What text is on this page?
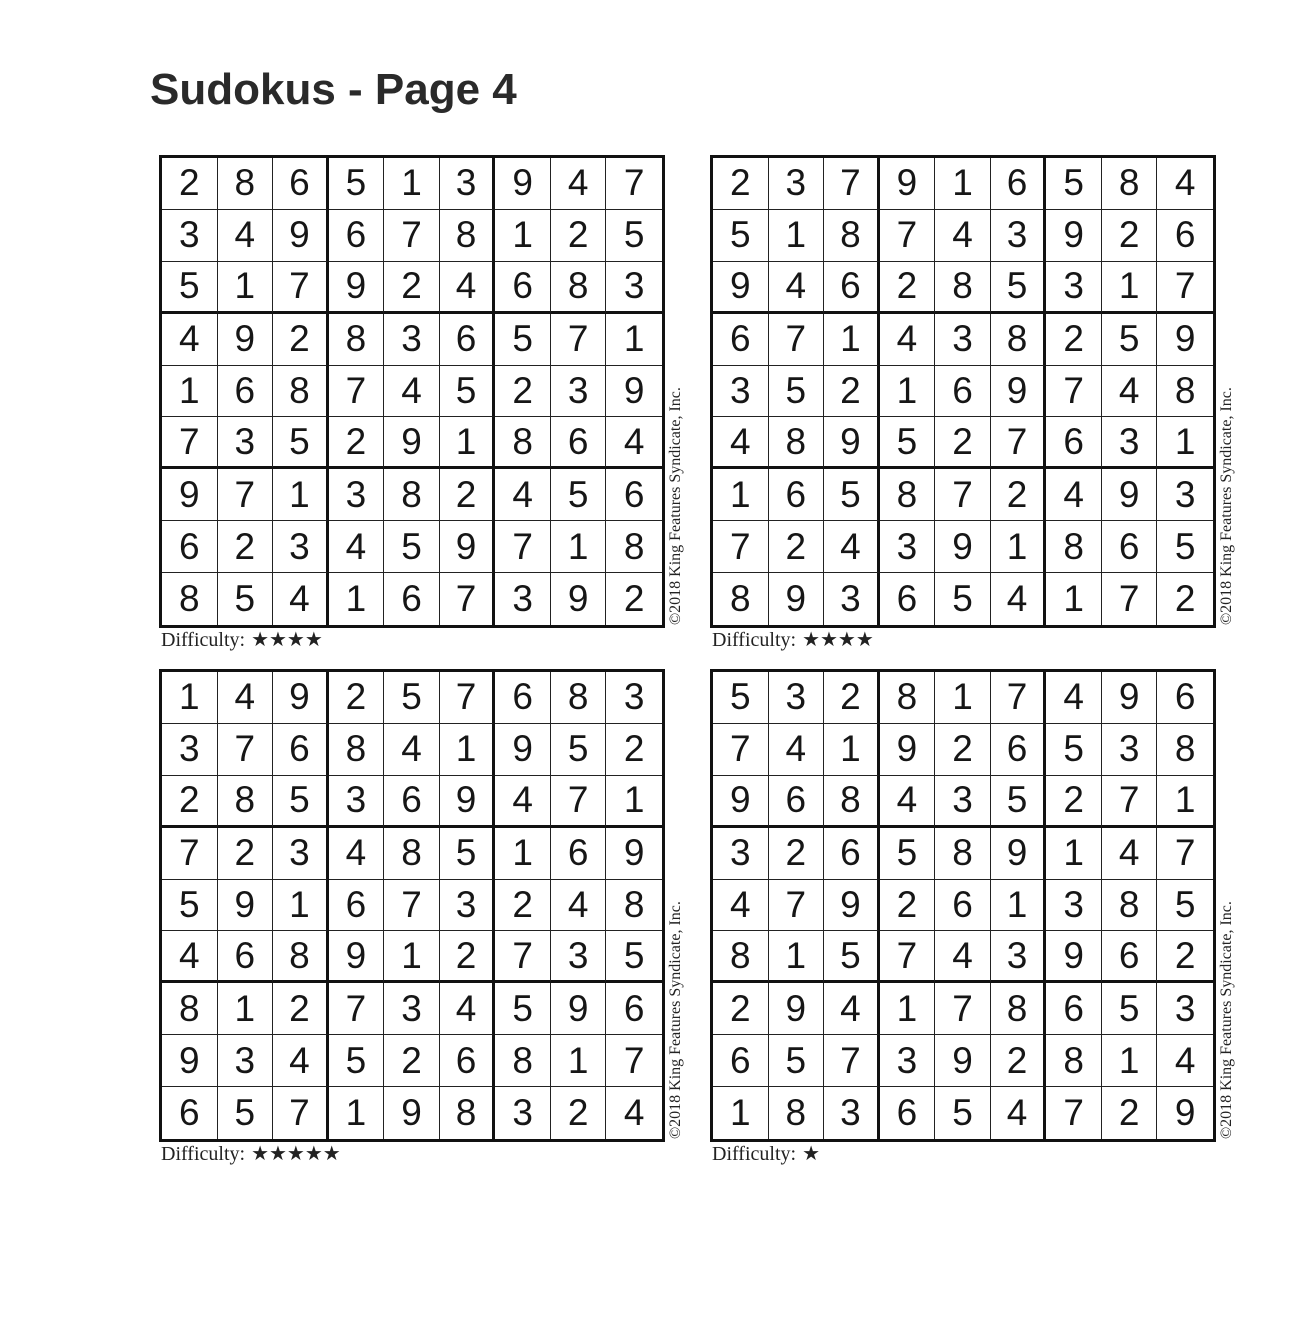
Sudokus - Page 4
2 8 6 5 1 3 9 4 7
3 4 9 6 7 8 1 2 5
5 1 7 9 2 4 6 8 3
4 9 2 8 3 6 5 7 1
1 6 8 7 4 5 2 3 9
7 3 5 2 9 1 8 6 4
9 7 1 3 8 2 4 5 6
6 2 3 4 5 9 7 1 8
8 5 4 1 6 7 3 9 2	©2018 King Features Syndicate, Inc.
Difficulty: ★★★★
2 3 7 9 1 6 5 8 4
5 1 8 7 4 3 9 2 6
9 4 6 2 8 5 3 1 7
6 7 1 4 3 8 2 5 9
3 5 2 1 6 9 7 4 8
4 8 9 5 2 7 6 3 1
1 6 5 8 7 2 4 9 3
7 2 4 3 9 1 8 6 5
8 9 3 6 5 4 1 7 2	©2018 King Features Syndicate, Inc.
Difficulty: ★★★★
1 4 9 2 5 7 6 8 3
3 7 6 8 4 1 9 5 2
2 8 5 3 6 9 4 7 1
7 2 3 4 8 5 1 6 9
5 9 1 6 7 3 2 4 8
4 6 8 9 1 2 7 3 5
8 1 2 7 3 4 5 9 6
9 3 4 5 2 6 8 1 7
6 5 7 1 9 8 3 2 4	©2018 King Features Syndicate, Inc.
Difficulty: ★★★★★
5 3 2 8 1 7 4 9 6
7 4 1 9 2 6 5 3 8
9 6 8 4 3 5 2 7 1
3 2 6 5 8 9 1 4 7
4 7 9 2 6 1 3 8 5
8 1 5 7 4 3 9 6 2
2 9 4 1 7 8 6 5 3
6 5 7 3 9 2 8 1 4
1 8 3 6 5 4 7 2 9	©2018 King Features Syndicate, Inc.
Difficulty: ★
